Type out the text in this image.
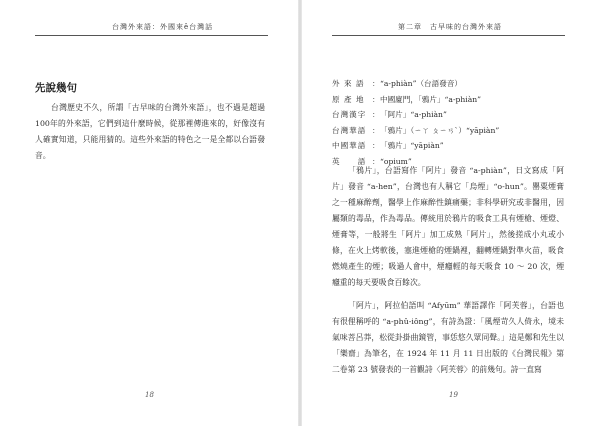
台灣外來語：外國來ê台灣話
先說幾句
台灣歷史不久，所謂「古早味的台灣外來語」，也不過是超過100年的外來語，它們到這什麼時候，從那裡傳進來的，好像沒有人確實知道，只能用猜的。這些外來語的特色之一是全都以台語發音。
18
第二章　古早味的台灣外來語
外 來 語 ： “a-phiàn”（台語發音）
原 產 地 ： 中國廈門，「鴉片」“a-phiàn”
台灣漢字 ： 「阿片」“a-phiàn”
台灣華語 ： 「鴉片」（ㄧㄚ ㄆㄧㄢˋ）“yāpiàn”
中國華語 ： 「鴉片」“yāpiàn”
英　　語 ： “opium”
「鴉片」，台語寫作「阿片」發音 “a-phiàn”，日文寫成「阿片」發音 “a-hen”，台灣也有人稱它「烏煙」“o-hun”。罌粟煙膏之一種麻醉劑，醫學上作麻醉性鎮痛藥；非科學研究或非醫用，因屬類的毒品，作為毒品。傳統用於鴉片的吸食工具有煙槍、煙燈、煙膏等，一般將生「阿片」加工成熟「阿片」，然後搓成小丸或小條，在火上烤軟後，塞進煙槍的煙鍋裡，翻轉煙鍋對準火苗，吸食燃燒產生的煙；吸過人會中，煙癮輕的每天吸食 10 ～ 20 次，煙癮重的每天要吸食百餘次。
「阿片」，阿拉伯語叫 “Afyūm” 華語譯作「阿芙蓉」，台語也有很俚稱呼的 “a-phû-iông”，有詩為證：「風煙苛久人倚永，境未氣味菩呂莽，松從卦掛曲鏡管，事恁悠久眾同聲。」這是鄭和先生以「樂齋」為筆名，在 1924 年 11 月 11 日出版的《台灣民報》第二卷第 23 號發表的一首觀詩〈阿芙蓉〉的前幾句。詩一直寫
19
